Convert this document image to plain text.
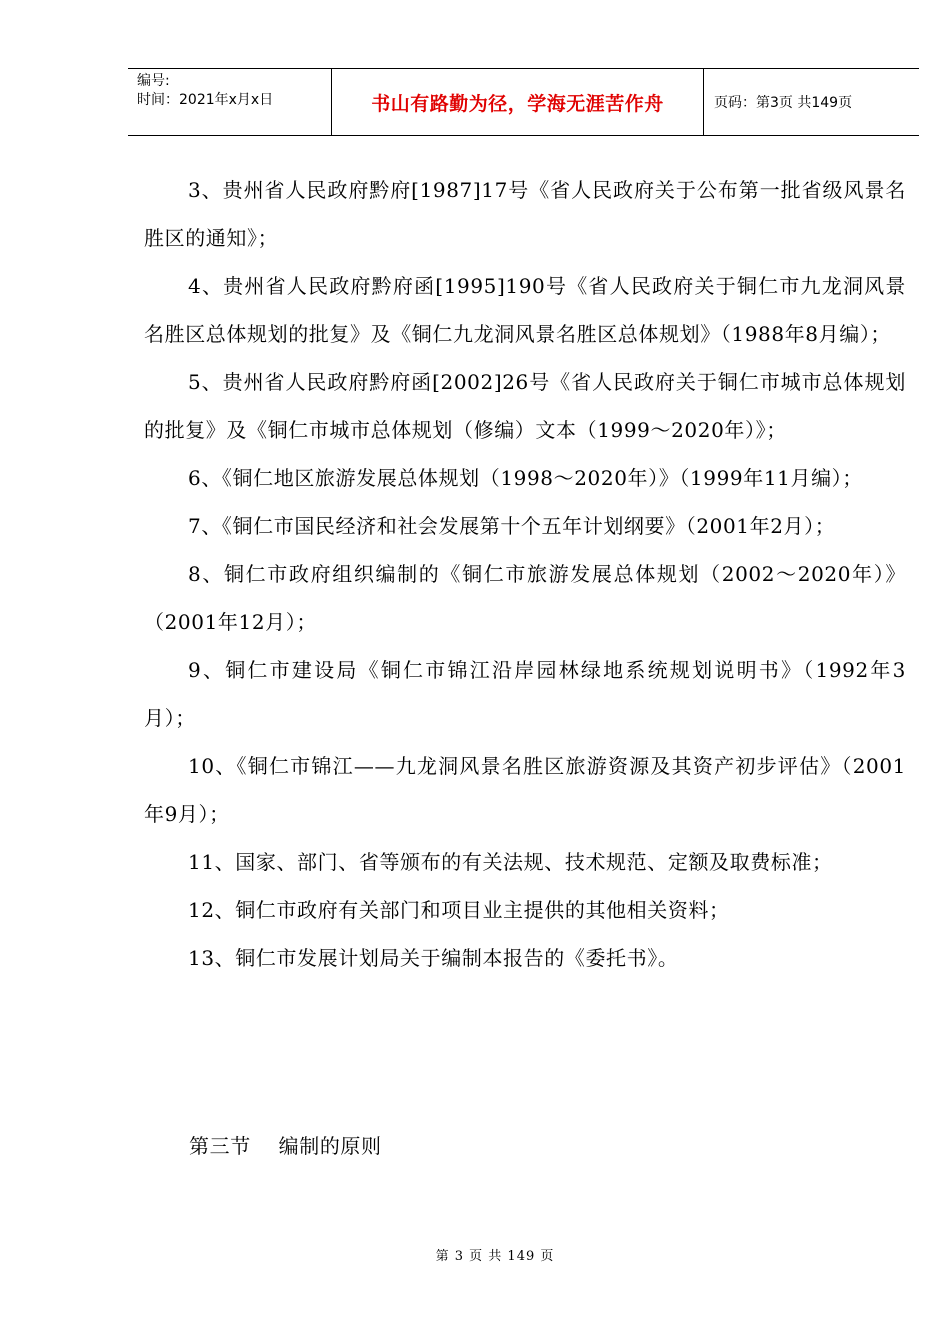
编号:
时间：2021年x月x日	书山有路勤为径，学海无涯苦作舟	页码：第3页 共149页

3、贵州省人民政府黔府[1987]17号《省人民政府关于公布第一批省级风景名胜区的通知》；

4、贵州省人民政府黔府函[1995]190号《省人民政府关于铜仁市九龙洞风景名胜区总体规划的批复》及《铜仁九龙洞风景名胜区总体规划》（1988年8月编）；

5、贵州省人民政府黔府函[2002]26号《省人民政府关于铜仁市城市总体规划的批复》及《铜仁市城市总体规划（修编）文本（1999～2020年）》；

6、《铜仁地区旅游发展总体规划（1998～2020年）》（1999年11月编）；

7、《铜仁市国民经济和社会发展第十个五年计划纲要》（2001年2月）；

8、铜仁市政府组织编制的《铜仁市旅游发展总体规划（2002～2020年）》（2001年12月）；

9、铜仁市建设局《铜仁市锦江沿岸园林绿地系统规划说明书》（1992年3月）；

10、《铜仁市锦江——九龙洞风景名胜区旅游资源及其资产初步评估》（2001年9月）；

11、国家、部门、省等颁布的有关法规、技术规范、定额及取费标准；

12、铜仁市政府有关部门和项目业主提供的其他相关资料；

13、铜仁市发展计划局关于编制本报告的《委托书》。

第三节    编制的原则
第 3 页 共 149 页
